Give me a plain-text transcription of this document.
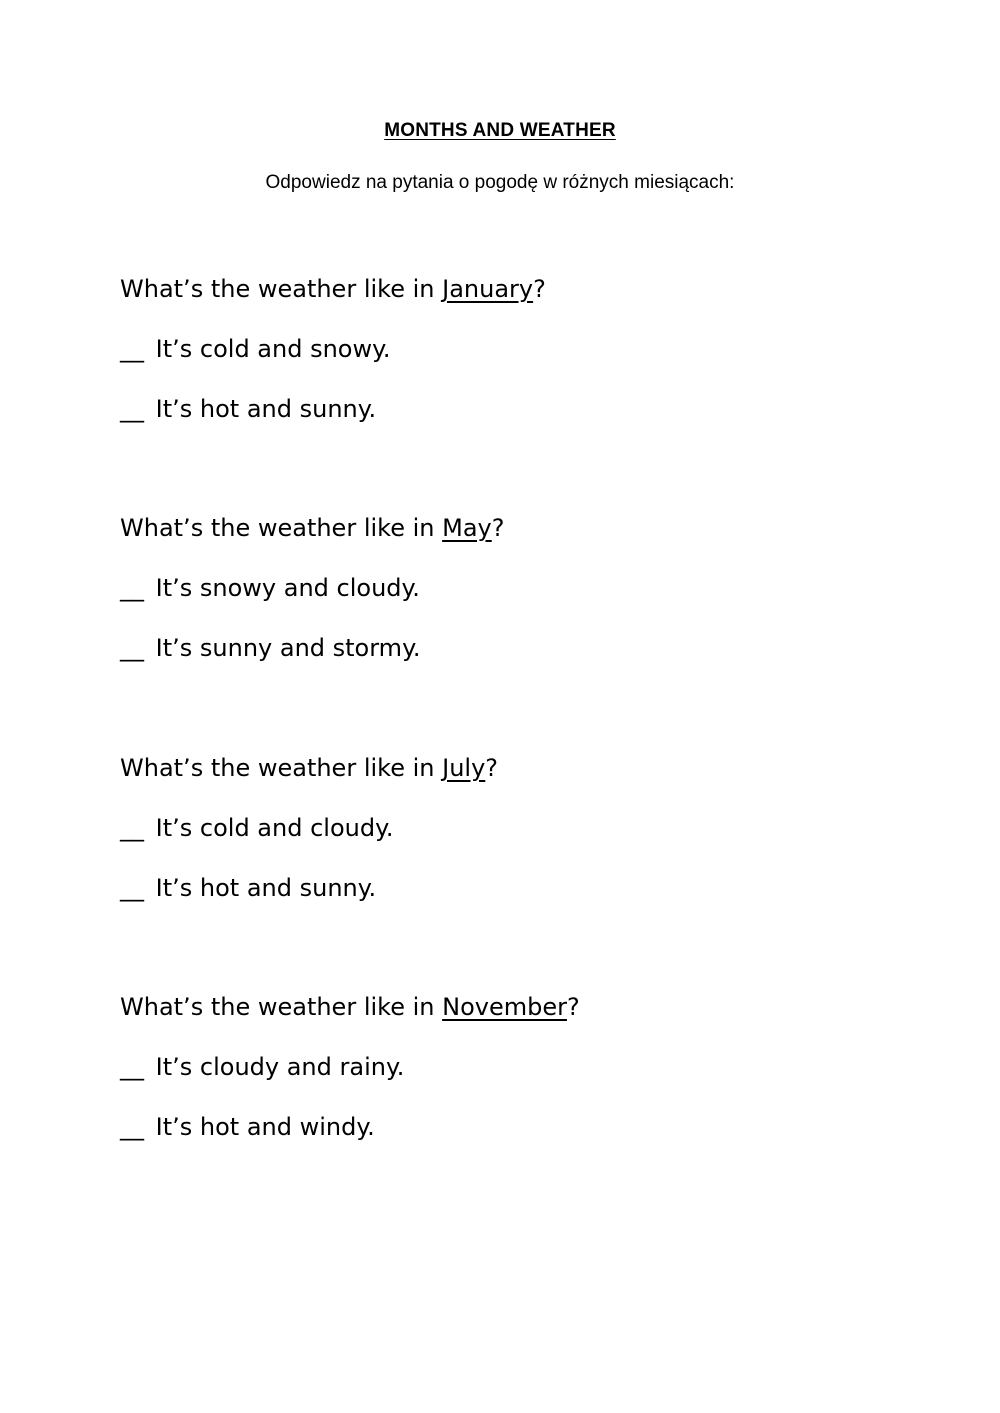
MONTHS AND WEATHER
Odpowiedz na pytania o pogodę w różnych miesiącach:
What’s the weather like in January?
__ It’s cold and snowy.
__ It’s hot and sunny.
What’s the weather like in May?
__ It’s snowy and cloudy.
__ It’s sunny and stormy.
What’s the weather like in July?
__ It’s cold and cloudy.
__ It’s hot and sunny.
What’s the weather like in November?
__ It’s cloudy and rainy.
__ It’s hot and windy.
